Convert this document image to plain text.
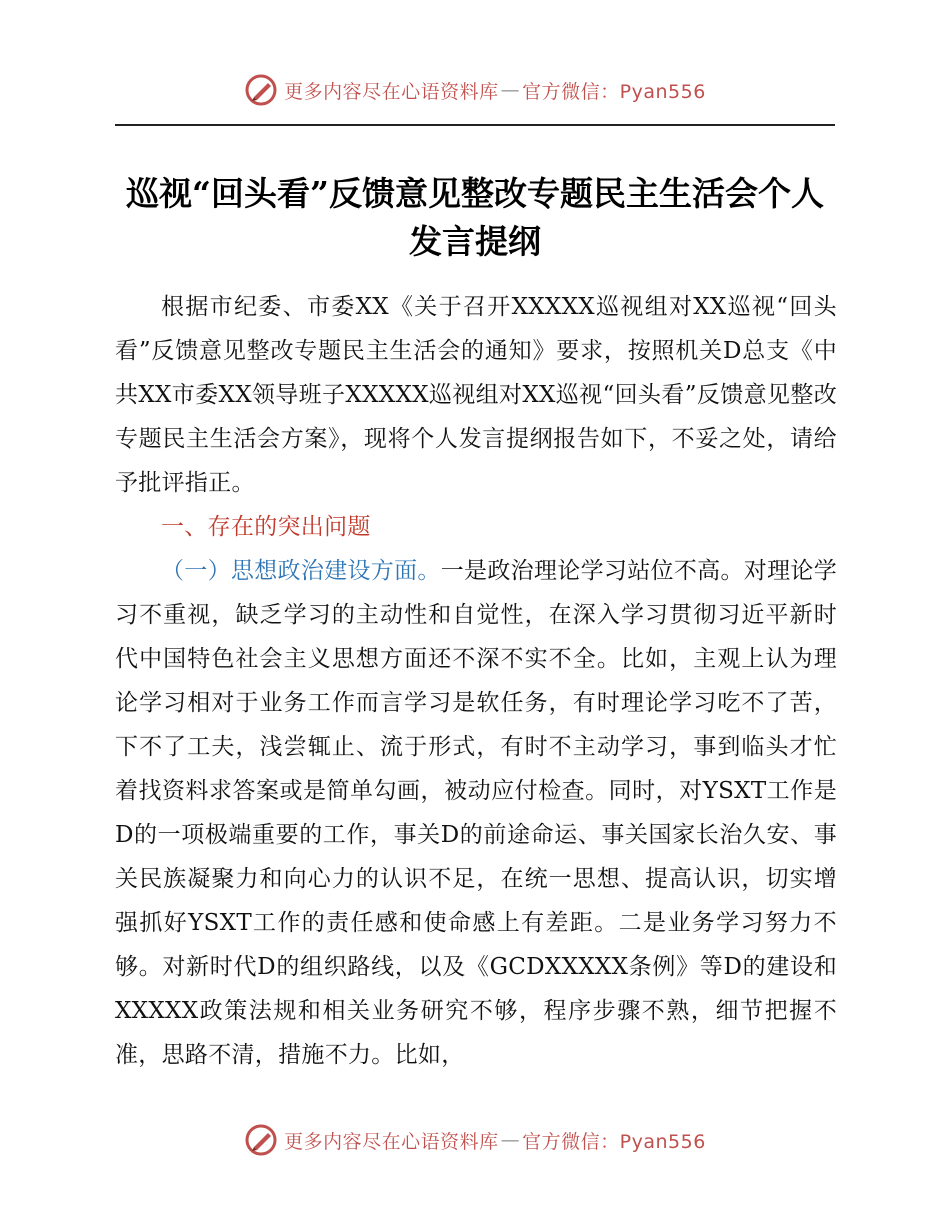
更多内容尽在心语资料库 — 官方微信：Pyan556
巡视“回头看”反馈意见整改专题民主生活会个人发言提纲

根据市纪委、市委XX《关于召开XXXXX巡视组对XX巡视“回头看”反馈意见整改专题民主生活会的通知》要求，按照机关D总支《中共XX市委XX领导班子XXXXX巡视组对XX巡视“回头看”反馈意见整改专题民主生活会方案》，现将个人发言提纲报告如下，不妥之处，请给予批评指正。

一、存在的突出问题

（一）思想政治建设方面。一是政治理论学习站位不高。对理论学习不重视，缺乏学习的主动性和自觉性，在深入学习贯彻习近平新时代中国特色社会主义思想方面还不深不实不全。比如，主观上认为理论学习相对于业务工作而言学习是软任务，有时理论学习吃不了苦，下不了工夫，浅尝辄止、流于形式，有时不主动学习，事到临头才忙着找资料求答案或是简单勾画，被动应付检查。同时，对YSXT工作是D的一项极端重要的工作，事关D的前途命运、事关国家长治久安、事关民族凝聚力和向心力的认识不足，在统一思想、提高认识，切实增强抓好YSXT工作的责任感和使命感上有差距。二是业务学习努力不够。对新时代D的组织路线，以及《GCDXXXXX条例》等D的建设和XXXXX政策法规和相关业务研究不够，程序步骤不熟，细节把握不准，思路不清，措施不力。比如，

更多内容尽在心语资料库 — 官方微信：Pyan556
